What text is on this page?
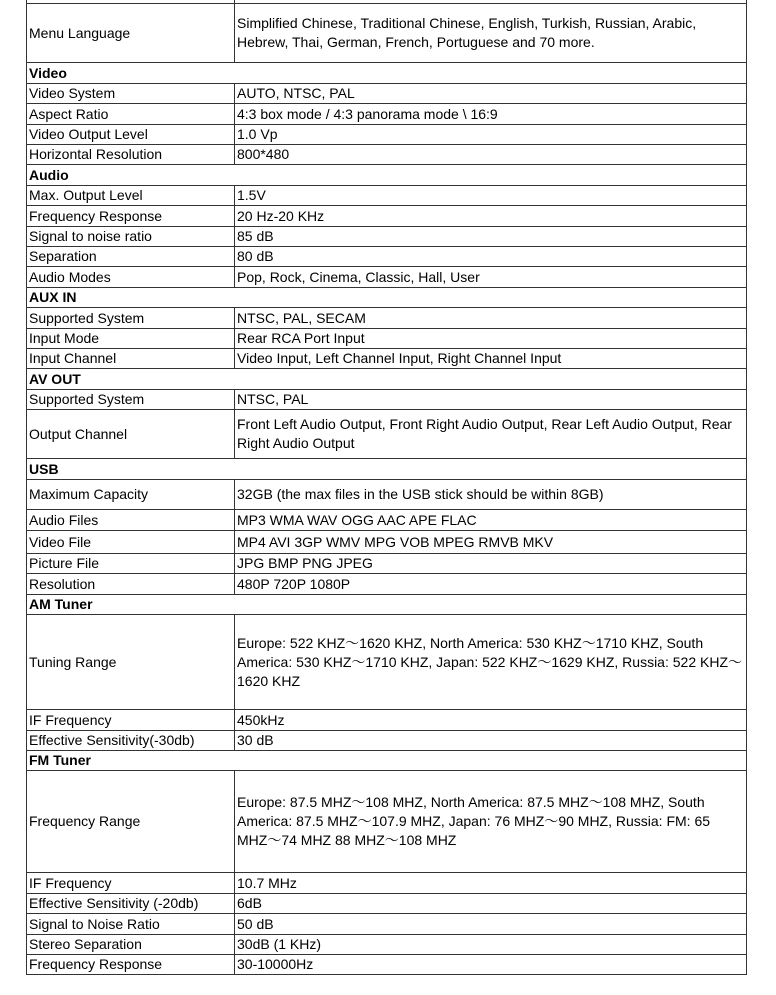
Menu Language	Simplified Chinese, Traditional Chinese, English, Turkish, Russian, Arabic, Hebrew, Thai, German, French, Portuguese and 70 more.
Video	
Video System	AUTO, NTSC, PAL
Aspect Ratio	4:3 box mode / 4:3 panorama mode \ 16:9
Video Output Level	1.0 Vp
Horizontal Resolution	800*480
Audio	
Max. Output Level	1.5V
Frequency Response	20 Hz-20 KHz
Signal to noise ratio	85 dB
Separation	80 dB
Audio Modes	Pop, Rock, Cinema, Classic, Hall, User
AUX IN	
Supported System	NTSC, PAL, SECAM
Input Mode	Rear RCA Port Input
Input Channel	Video Input, Left Channel Input, Right Channel Input
AV OUT	
Supported System	NTSC, PAL
Output Channel	Front Left Audio Output, Front Right Audio Output, Rear Left Audio Output, Rear Right Audio Output
USB	
Maximum Capacity	32GB (the max files in the USB stick should be within 8GB)
Audio Files	MP3 WMA WAV OGG AAC APE FLAC
Video File	MP4 AVI 3GP WMV MPG VOB MPEG RMVB MKV
Picture File	JPG BMP PNG JPEG
Resolution	480P 720P 1080P
AM Tuner	
Tuning Range	Europe: 522 KHZ～1620 KHZ, North America: 530 KHZ～1710 KHZ, South America: 530 KHZ～1710 KHZ, Japan: 522 KHZ～1629 KHZ, Russia: 522 KHZ～1620 KHZ
IF Frequency	450kHz
Effective Sensitivity(-30db)	30 dB
FM Tuner	
Frequency Range	Europe: 87.5 MHZ～108 MHZ, North America: 87.5 MHZ～108 MHZ, South America: 87.5 MHZ～107.9 MHZ, Japan: 76 MHZ～90 MHZ, Russia: FM: 65 MHZ～74 MHZ 88 MHZ～108 MHZ
IF Frequency	10.7 MHz
Effective Sensitivity (-20db)	6dB
Signal to Noise Ratio	50 dB
Stereo Separation	30dB (1 KHz)
Frequency Response	30-10000Hz
